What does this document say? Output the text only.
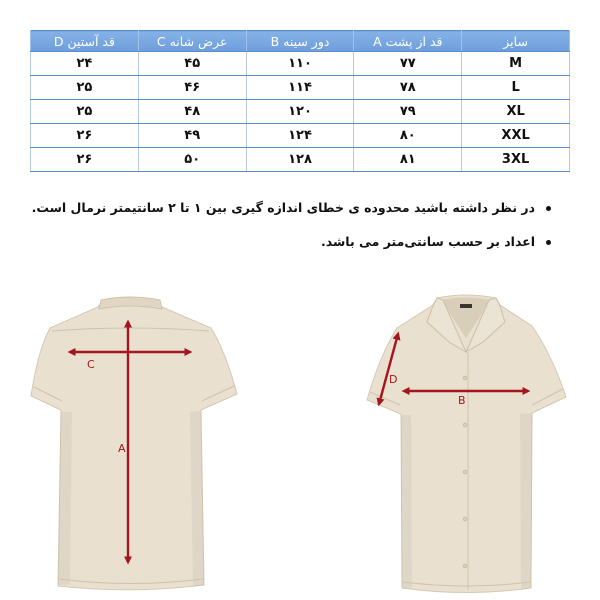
سایز	قد از پشت A	دور سینه B	عرض شانه C	قد آستین D
M	۷۷	۱۱۰	۴۵	۲۴
L	۷۸	۱۱۴	۴۶	۲۵
XL	۷۹	۱۲۰	۴۸	۲۵
XXL	۸۰	۱۲۴	۴۹	۲۶
3XL	۸۱	۱۲۸	۵۰	۲۶
در نظر داشته باشید محدوده ی خطای اندازه گیری بین ۱ تا ۲ سانتیمتر نرمال است.
اعداد بر حسب سانتی‌متر می باشد.
A
C
B
D
